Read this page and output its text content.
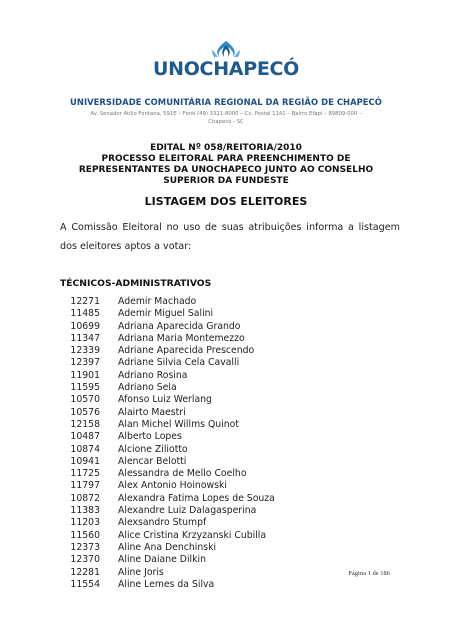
UNOCHAPECÓ
UNIVERSIDADE COMUNITÁRIA REGIONAL DA REGIÃO DE CHAPECÓ
Av. Senador Atílio Fontana, 591E – Fone (49) 3321-8000 – Cx. Postal 1141 – Bairro Efapi – 89809-000 –
Chapecó - SC
EDITAL Nº 058/REITORIA/2010
PROCESSO ELEITORAL PARA PREENCHIMENTO DE
REPRESENTANTES DA UNOCHAPECO JUNTO AO CONSELHO
SUPERIOR DA FUNDESTE
LISTAGEM DOS ELEITORES
A Comissão Eleitoral no uso de suas atribuições informa a listagem dos eleitores aptos a votar:
TÉCNICOS-ADMINISTRATIVOS
12271 Ademir Machado
11485 Ademir Miguel Salini
10699 Adriana Aparecida Grando
11347 Adriana Maria Montemezzo
12339 Adriane Aparecida Prescendo
12397 Adriane Silvia Cela Cavalli
11901 Adriano Rosina
11595 Adriano Sela
10570 Afonso Luiz Werlang
10576 Alairto Maestri
12158 Alan Michel Willms Quinot
10487 Alberto Lopes
10874 Alcione Ziliotto
10941 Alencar Belotti
11725 Alessandra de Mello Coelho
11797 Alex Antonio Hoinowski
10872 Alexandra Fatima Lopes de Souza
11383 Alexandre Luiz Dalagasperina
11203 Alexsandro Stumpf
11560 Alice Cristina Krzyzanski Cubilla
12373 Aline Ana Denchinski
12370 Aline Daiane Dilkin
12281 Aline Joris
11554 Aline Lemes da Silva
Página 1 de 186
